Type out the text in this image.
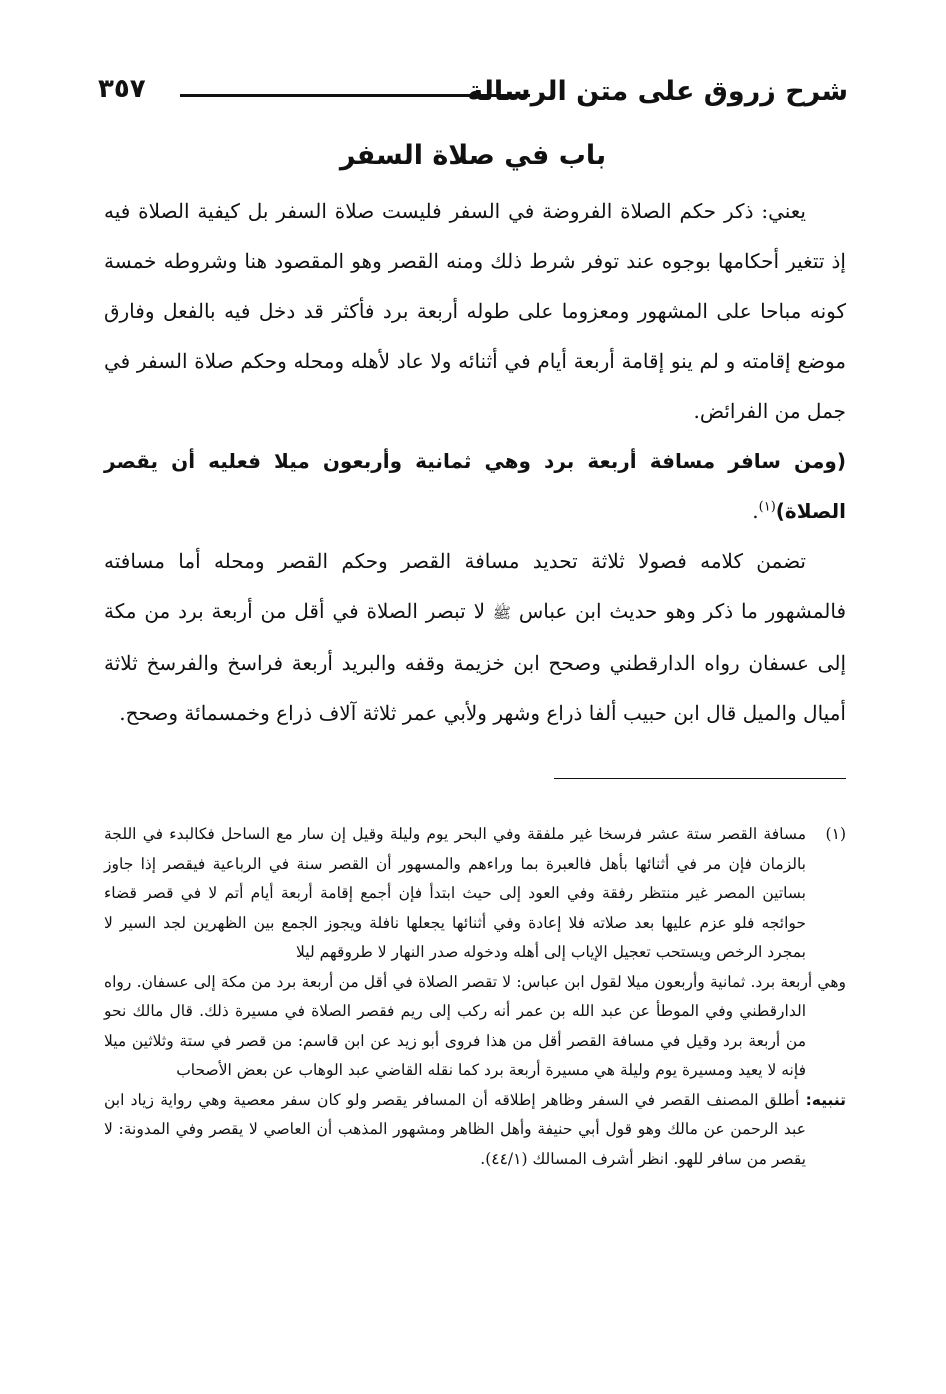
شرح زروق على متن الرسالة
٣٥٧
باب في صلاة السفر

يعني: ذكر حكم الصلاة الفروضة في السفر فليست صلاة السفر بل كيفية الصلاة فيه إذ تتغير أحكامها بوجوه عند توفر شرط ذلك ومنه القصر وهو المقصود هنا وشروطه خمسة كونه مباحا على المشهور ومعزوما على طوله أربعة برد فأكثر قد دخل فيه بالفعل وفارق موضع إقامته و لم ينو إقامة أربعة أيام في أثنائه ولا عاد لأهله ومحله وحكم صلاة السفر في جمل من الفرائض.

(ومن سافر مسافة أربعة برد وهي ثمانية وأربعون ميلا فعليه أن يقصر الصلاة)$^{(١)}$.

تضمن كلامه فصولا ثلاثة تحديد مسافة القصر وحكم القصر ومحله أما مسافته فالمشهور ما ذكر وهو حديث ابن عباس ﷺ لا تبصر الصلاة في أقل من أربعة برد من مكة إلى عسفان رواه الدارقطني وصحح ابن خزيمة وقفه والبريد أربعة فراسخ والفرسخ ثلاثة أميال والميل قال ابن حبيب ألفا ذراع وشهر ولأبي عمر ثلاثة آلاف ذراع وخمسمائة وصحح.

(١)مسافة القصر ستة عشر فرسخا غير ملفقة وفي البحر يوم وليلة وقيل إن سار مع الساحل فكالبدء في اللجة بالزمان فإن مر في أثنائها بأهل فالعبرة بما وراءهم والمسهور أن القصر سنة في الرباعية فيقصر إذا جاوز بساتين المصر غير منتظر رفقة وفي العود إلى حيث ابتدأ فإن أجمع إقامة أربعة أيام أتم لا في قصر قضاء حوائجه فلو عزم عليها بعد صلاته فلا إعادة وفي أثنائها يجعلها نافلة ويجوز الجمع بين الظهرين لجد السير لا بمجرد الرخص ويستحب تعجيل الإياب إلى أهله ودخوله صدر النهار لا طروقهم ليلا

وهي أربعة برد. ثمانية وأربعون ميلا لقول ابن عباس: لا تقصر الصلاة في أقل من أربعة برد من مكة إلى عسفان. رواه الدارقطني وفي الموطأ عن عبد الله بن عمر أنه ركب إلى ريم فقصر الصلاة في مسيرة ذلك. قال مالك نحو من أربعة برد وقيل في مسافة القصر أقل من هذا فروى أبو زيد عن ابن قاسم: من قصر في ستة وثلاثين ميلا فإنه لا يعيد ومسيرة يوم وليلة هي مسيرة أربعة برد كما نقله القاضي عبد الوهاب عن بعض الأصحاب

تنبيه: أطلق المصنف القصر في السفر وظاهر إطلاقه أن المسافر يقصر ولو كان سفر معصية وهي رواية زياد ابن عبد الرحمن عن مالك وهو قول أبي حنيفة وأهل الظاهر ومشهور المذهب أن العاصي لا يقصر وفي المدونة: لا يقصر من سافر للهو. انظر أشرف المسالك (٤٤/١).
